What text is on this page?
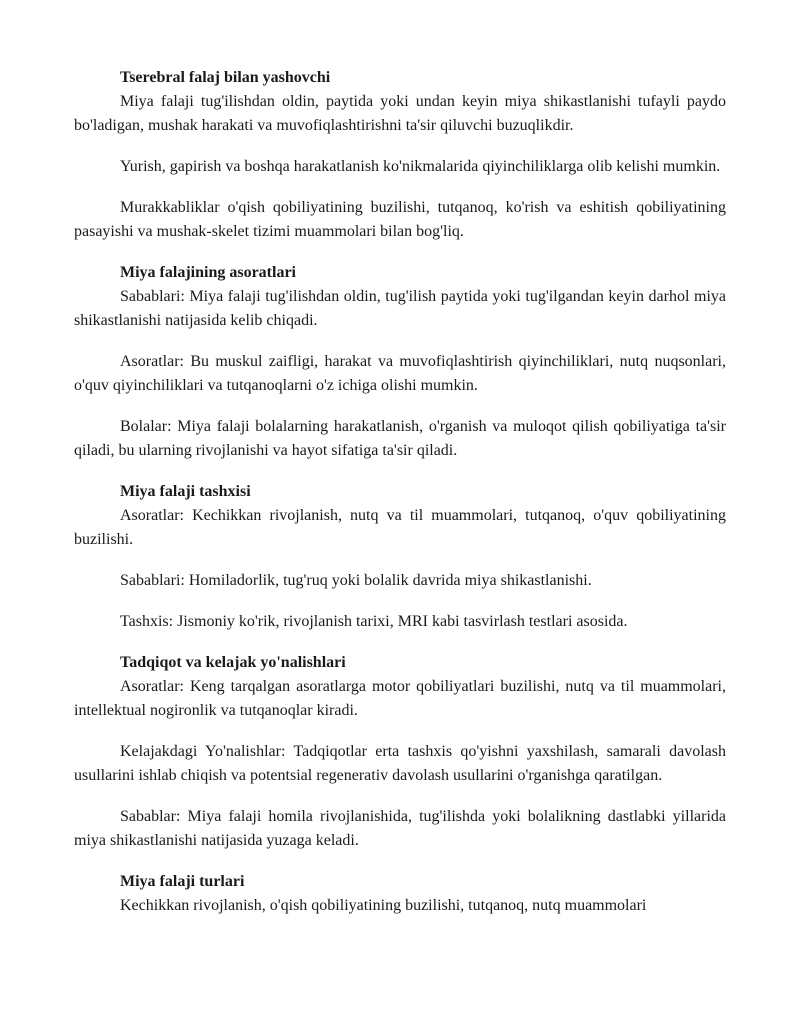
Tserebral falaj bilan yashovchi

Miya falaji tug'ilishdan oldin, paytida yoki undan keyin miya shikastlanishi tufayli paydo bo'ladigan, mushak harakati va muvofiqlashtirishni ta'sir qiluvchi buzuqlikdir.

Yurish, gapirish va boshqa harakatlanish ko'nikmalarida qiyinchiliklarga olib kelishi mumkin.

Murakkabliklar o'qish qobiliyatining buzilishi, tutqanoq, ko'rish va eshitish qobiliyatining pasayishi va mushak-skelet tizimi muammolari bilan bog'liq.

Miya falajining asoratlari

Sabablari: Miya falaji tug'ilishdan oldin, tug'ilish paytida yoki tug'ilgandan keyin darhol miya shikastlanishi natijasida kelib chiqadi.

Asoratlar: Bu muskul zaifligi, harakat va muvofiqlashtirish qiyinchiliklari, nutq nuqsonlari, o'quv qiyinchiliklari va tutqanoqlarni o'z ichiga olishi mumkin.

Bolalar: Miya falaji bolalarning harakatlanish, o'rganish va muloqot qilish qobiliyatiga ta'sir qiladi, bu ularning rivojlanishi va hayot sifatiga ta'sir qiladi.

Miya falaji tashxisi

Asoratlar: Kechikkan rivojlanish, nutq va til muammolari, tutqanoq, o'quv qobiliyatining buzilishi.

Sabablari: Homiladorlik, tug'ruq yoki bolalik davrida miya shikastlanishi.

Tashxis: Jismoniy ko'rik, rivojlanish tarixi, MRI kabi tasvirlash testlari asosida.

Tadqiqot va kelajak yo'nalishlari

Asoratlar: Keng tarqalgan asoratlarga motor qobiliyatlari buzilishi, nutq va til muammolari, intellektual nogironlik va tutqanoqlar kiradi.

Kelajakdagi Yo'nalishlar: Tadqiqotlar erta tashxis qo'yishni yaxshilash, samarali davolash usullarini ishlab chiqish va potentsial regenerativ davolash usullarini o'rganishga qaratilgan.

Sabablar: Miya falaji homila rivojlanishida, tug'ilishda yoki bolalikning dastlabki yillarida miya shikastlanishi natijasida yuzaga keladi.

Miya falaji turlari

Kechikkan rivojlanish, o'qish qobiliyatining buzilishi, tutqanoq, nutq muammolari
